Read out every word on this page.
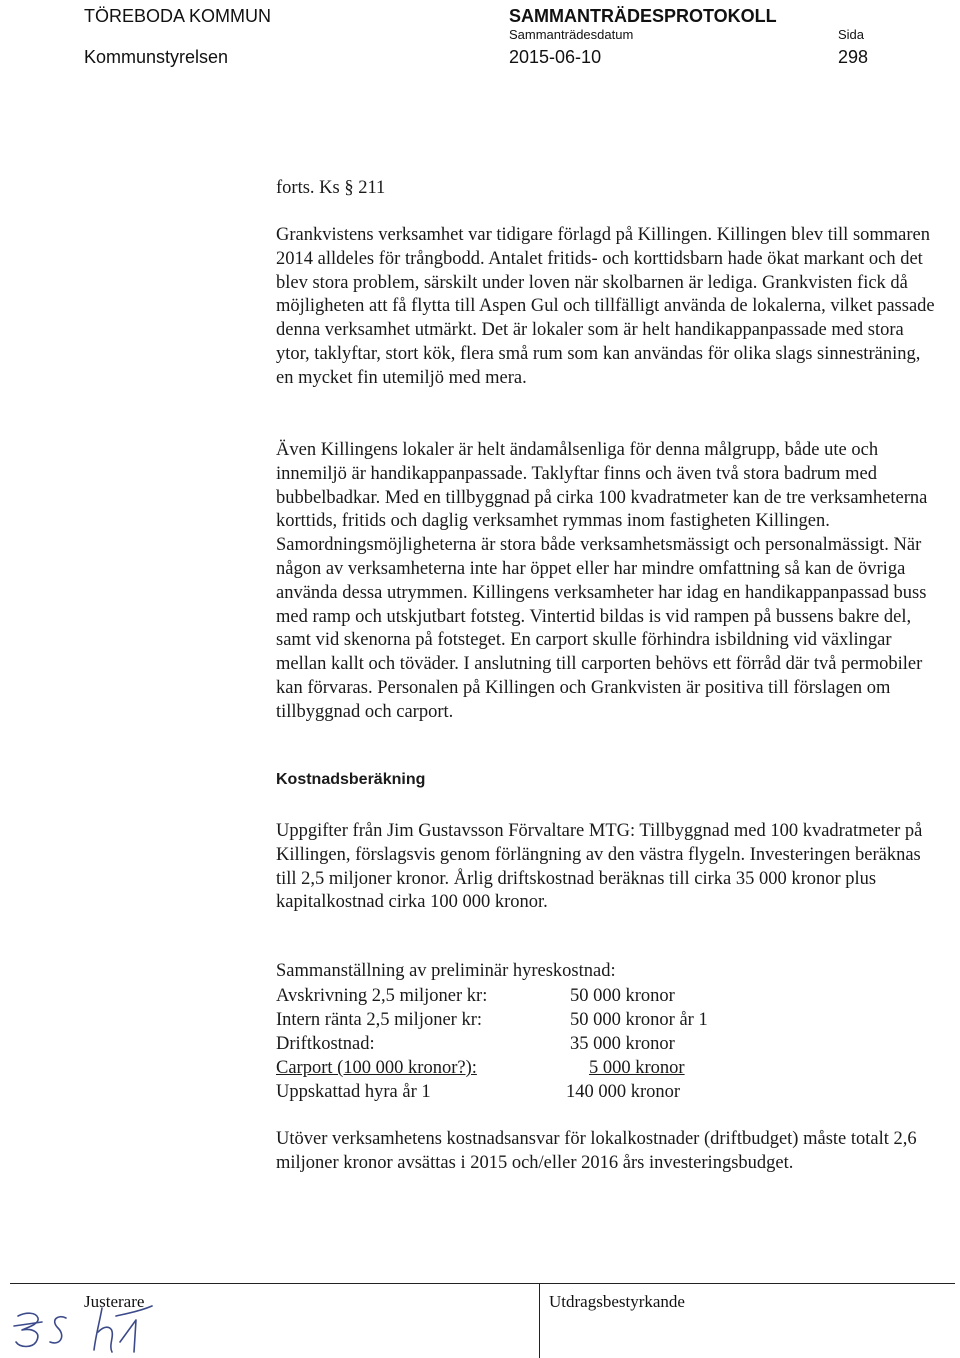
TÖREBODA KOMMUN
Kommunstyrelsen
SAMMANTRÄDESPROTOKOLL
Sammanträdesdatum
2015-06-10
Sida
298
forts. Ks § 211
Grankvistens verksamhet var tidigare förlagd på Killingen. Killingen blev till sommaren 2014 alldeles för trångbodd. Antalet fritids- och korttidsbarn hade ökat markant och det blev stora problem, särskilt under loven när skolbarnen är lediga. Grankvisten fick då möjligheten att få flytta till Aspen Gul och tillfälligt använda de lokalerna, vilket passade denna verksamhet utmärkt. Det är lokaler som är helt handikappanpassade med stora ytor, taklyftar, stort kök, flera små rum som kan användas för olika slags sinnesträning, en mycket fin utemiljö med mera.
Även Killingens lokaler är helt ändamålsenliga för denna målgrupp, både ute och innemiljö är handikappanpassade. Taklyftar finns och även två stora badrum med bubbelbadkar. Med en tillbyggnad på cirka 100 kvadratmeter kan de tre verksamheterna korttids, fritids och daglig verksamhet rymmas inom fastigheten Killingen. Samordningsmöjligheterna är stora både verksamhetsmässigt och personalmässigt. När någon av verksamheterna inte har öppet eller har mindre omfattning så kan de övriga använda dessa utrymmen. Killingens verksamheter har idag en handikappanpassad buss med ramp och utskjutbart fotsteg. Vintertid bildas is vid rampen på bussens bakre del, samt vid skenorna på fotsteget. En carport skulle förhindra isbildning vid växlingar mellan kallt och töväder. I anslutning till carporten behövs ett förråd där två permobiler kan förvaras. Personalen på Killingen och Grankvisten är positiva till förslagen om tillbyggnad och carport.
Kostnadsberäkning
Uppgifter från Jim Gustavsson Förvaltare MTG: Tillbyggnad med 100 kvadratmeter på Killingen, förslagsvis genom förlängning av den västra flygeln. Investeringen beräknas till 2,5 miljoner kronor. Årlig driftskostnad beräknas till cirka 35 000 kronor plus kapitalkostnad cirka 100 000 kronor.
Sammanställning av preliminär hyreskostnad:
Avskrivning 2,5 miljoner kr:	50 000 kronor
Intern ränta 2,5 miljoner kr:	50 000 kronor år 1
Driftkostnad:	35 000 kronor
Carport (100 000 kronor?):	5 000 kronor
Uppskattad hyra år 1	140 000 kronor
Utöver verksamhetens kostnadsansvar för lokalkostnader (driftbudget) måste totalt 2,6 miljoner kronor avsättas i 2015 och/eller 2016 års investeringsbudget.
Justerare	Utdragsbestyrkande
